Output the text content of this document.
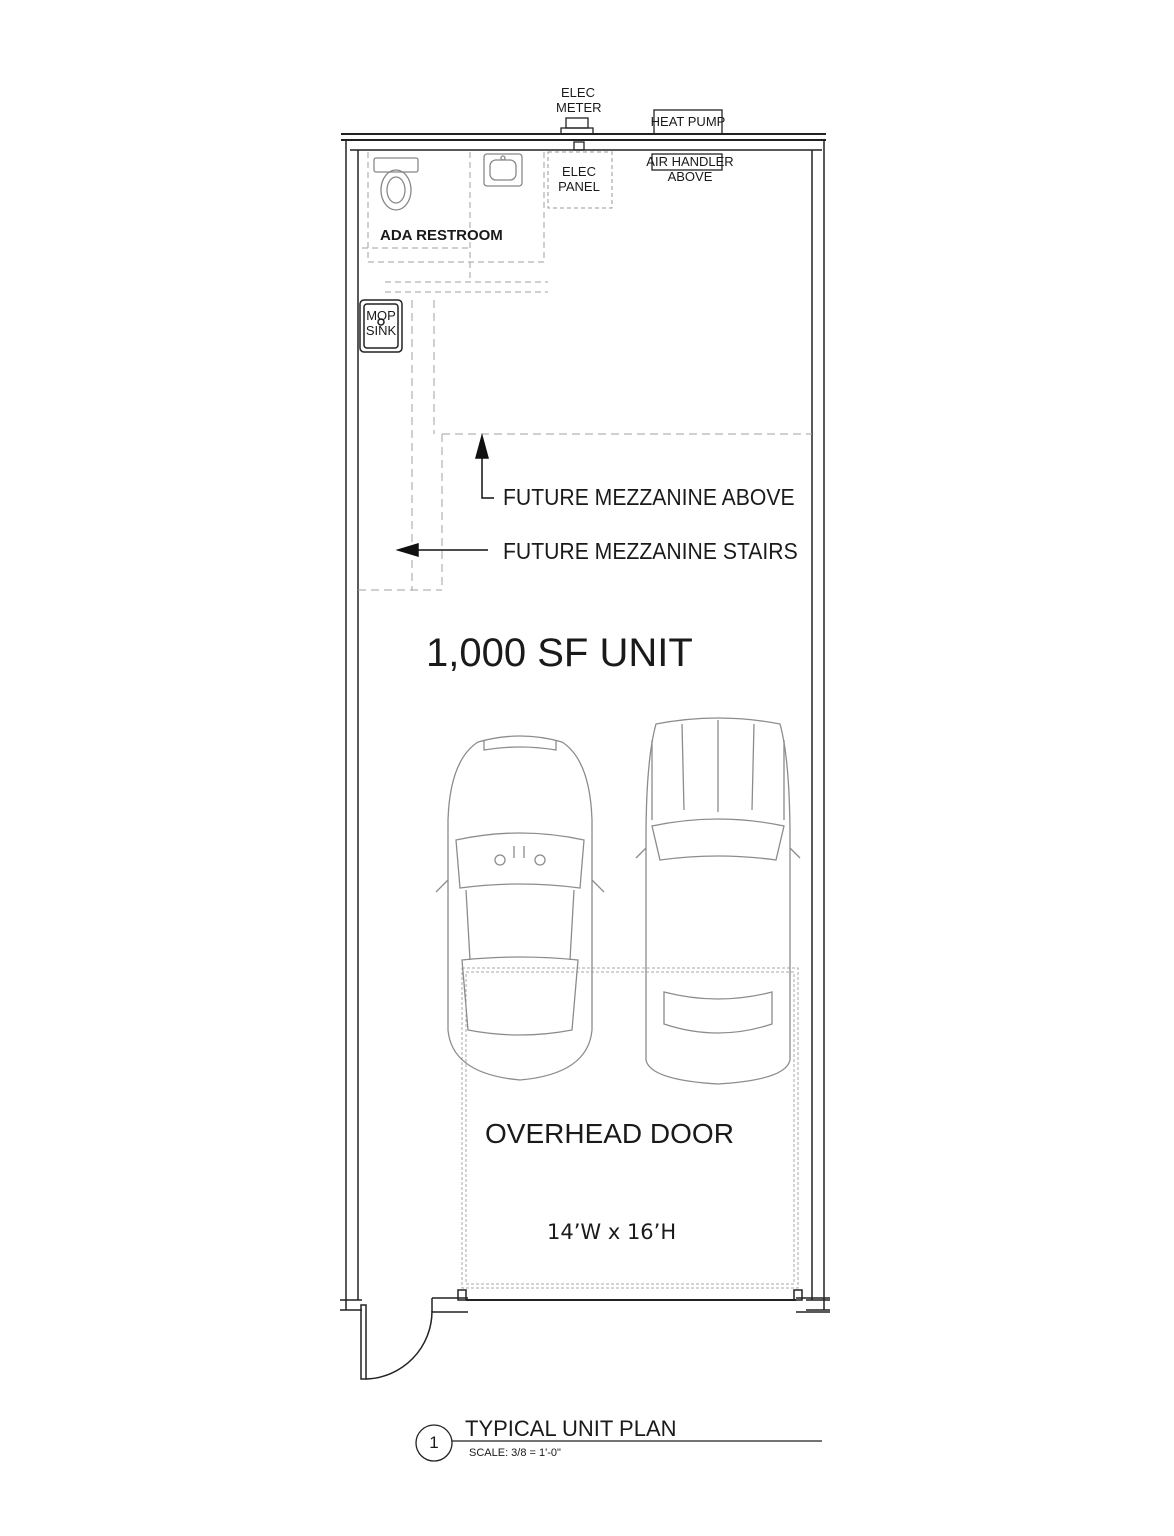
ELEC
METER
HEAT PUMP
ELEC
PANEL
AIR HANDLER
ABOVE
ADA RESTROOM
MOP
SINK
FUTURE MEZZANINE ABOVE
FUTURE MEZZANINE STAIRS
1,000 SF UNIT
OVERHEAD DOOR
14’W x 16’H
1
TYPICAL UNIT PLAN
SCALE: 3/8 = 1'-0"
